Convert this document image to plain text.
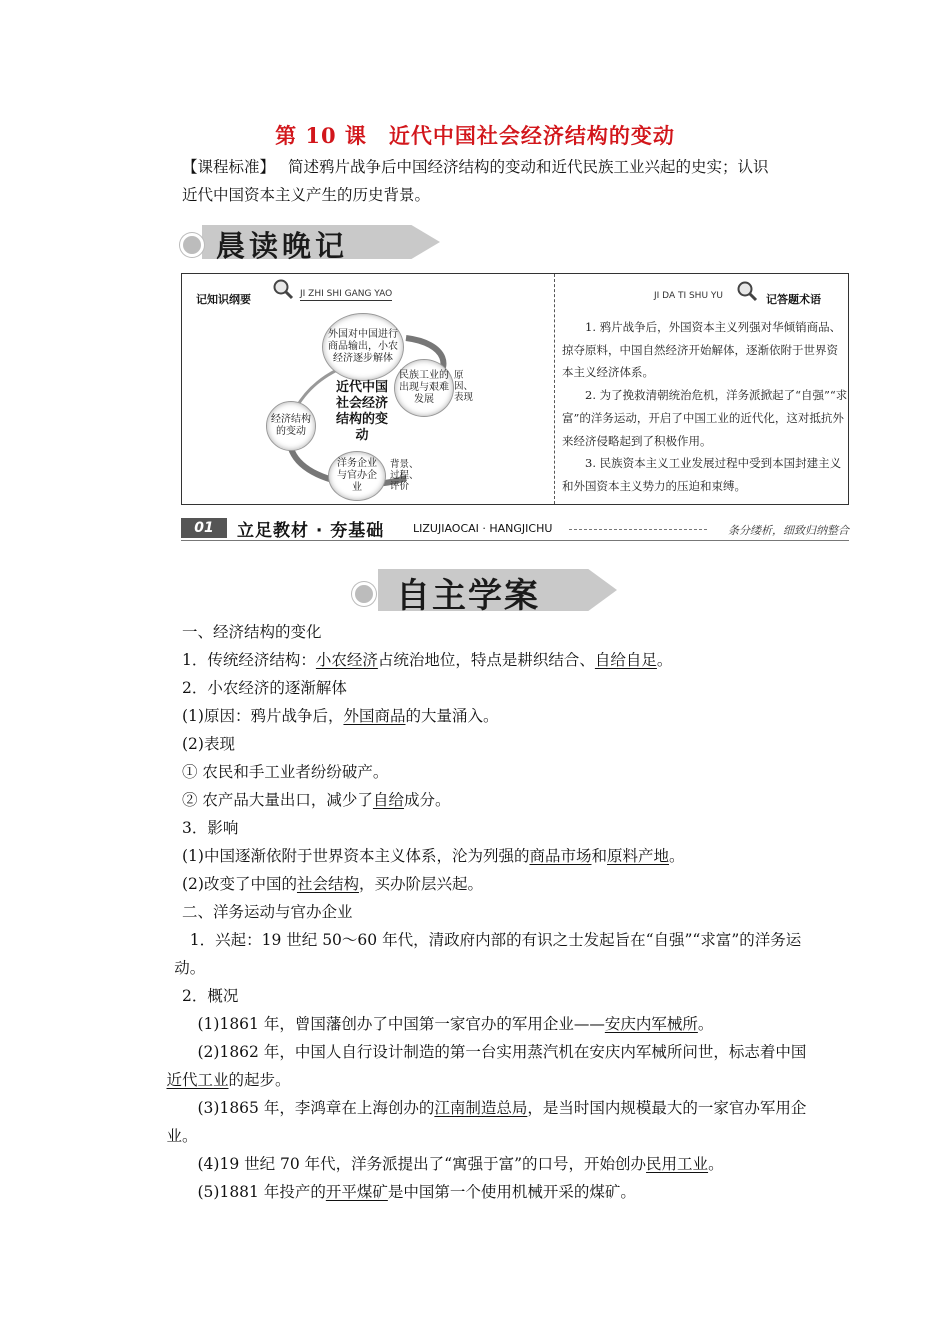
第 10 课 近代中国社会经济结构的变动
【课程标准】 简述鸦片战争后中国经济结构的变动和近代民族工业兴起的史实；认识近代中国资本主义产生的历史背景。
晨读晚记
记知识纲要	JI ZHI SHI GANG YAO	JI DA TI SHU YU	记答题术语
外国对中国进行商品输出，小农经济逐步解体
民族工业的出现与艰难发展
经济结构的变动
洋务企业与官办企业
近代中国社会经济结构的变动
原因、表现
背景、过程、评价

1. 鸦片战争后，外国资本主义列强对华倾销商品、掠夺原料，中国自然经济开始解体，逐渐依附于世界资本主义经济体系。

2. 为了挽救清朝统治危机，洋务派掀起了“自强”“求富”的洋务运动，开启了中国工业的近代化，这对抵抗外来经济侵略起到了积极作用。

3. 民族资本主义工业发展过程中受到本国封建主义和外国资本主义势力的压迫和束缚。

01	立足教材 · 夯基础	LIZUJIAOCAI · HANGJICHU	条分缕析，细致归纳整合
自主学案

一、经济结构的变化

1．传统经济结构：小农经济占统治地位，特点是耕织结合、自给自足。

2．小农经济的逐渐解体

(1)原因：鸦片战争后，外国商品的大量涌入。

(2)表现

① 农民和手工业者纷纷破产。

② 农产品大量出口，减少了自给成分。

3．影响

(1)中国逐渐依附于世界资本主义体系，沦为列强的商品市场和原料产地。

(2)改变了中国的社会结构，买办阶层兴起。

二、洋务运动与官办企业

1．兴起：19 世纪 50～60 年代，清政府内部的有识之士发起旨在“自强”“求富”的洋务运动。

2．概况

(1)1861 年，曾国藩创办了中国第一家官办的军用企业——安庆内军械所。

(2)1862 年，中国人自行设计制造的第一台实用蒸汽机在安庆内军械所问世，标志着中国近代工业的起步。

(3)1865 年，李鸿章在上海创办的江南制造总局，是当时国内规模最大的一家官办军用企业。

(4)19 世纪 70 年代，洋务派提出了“寓强于富”的口号，开始创办民用工业。

(5)1881 年投产的开平煤矿是中国第一个使用机械开采的煤矿。
